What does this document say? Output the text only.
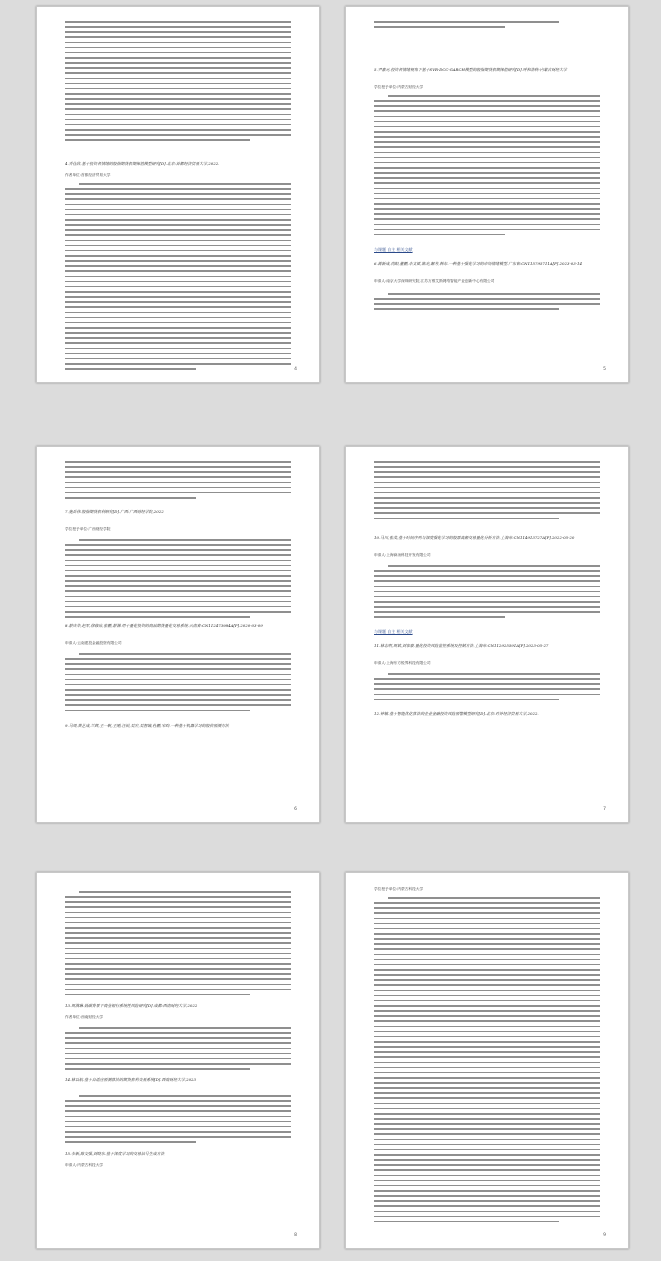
4.乔佳欣.基于投资者情绪的股指期货套期保值模型研究[D].北京:首都经济贸易大学,2022.
作者单位:首都经济贸易大学
4
5.尹嘉元.投资者情绪视角下基于SVR-DCC-GARCH模型的股指期货套期保值研究[D].呼和浩特:内蒙古财经大学
学位授予单位:内蒙古财经大学
与课题 自主 相关文献
6.蒋新成,尚阳,董鹏,李文斌,陈光,解芳,韩东.一种基于强化学习的市场情绪模型.广东省:CN115795711A[P].2023-03-14
申请人:南京大学深圳研究院,江苏万维艾斯网络智能产业创新中心有限公司
5
7.施岳伟.股指期货套利研究[D].广西:广西财经学院,2022
学位授予单位:广西财经学院
8.蔡庆华,赵军,徐修泉,张鹏,蔡渊.用于量化投资的商品期货量化交易系统.云南省:CN112473984A[P].2020-03-09
申请人:云南建投金融投资有限公司
9.马周,黄艺成,兰辉,王一帆,王刚,汪锐,吴宏,吴智城,杜鹏,宋昀.一种基于机器学习的股价预测方法
6
10.马川,张茂,基于时间序列与深度强化学习的股票高频交易量化分析方法.上海市:CN114913727A[P].2022-05-20
申请人:上海商汤科技开发有限公司
与课题 自主 相关文献
11.林志明,周斌,刘家豪.量化投资风险监控系统及控制方法.上海市:CN112925591A[P].2023-05-27
申请人:上海东方锐界科技有限公司
12.钟敏.基于智能优化算法的企业金融投资风险预警模型研究[D].北京:对外经济贸易大学,2022.
7
13.周满琳.低碳背景下商业银行系统性风险研究[D].成都:西南财经大学,2022
作者单位:西南财经大学
14.林以航.基于自适应预测算法的期货套利交易系统[D].西南财经大学,2023
15.李新,陈文强,刘晓东.基于深度学习的交易信号生成方法
申请人:内蒙古科技大学
8
学位授予单位:内蒙古科技大学
9
